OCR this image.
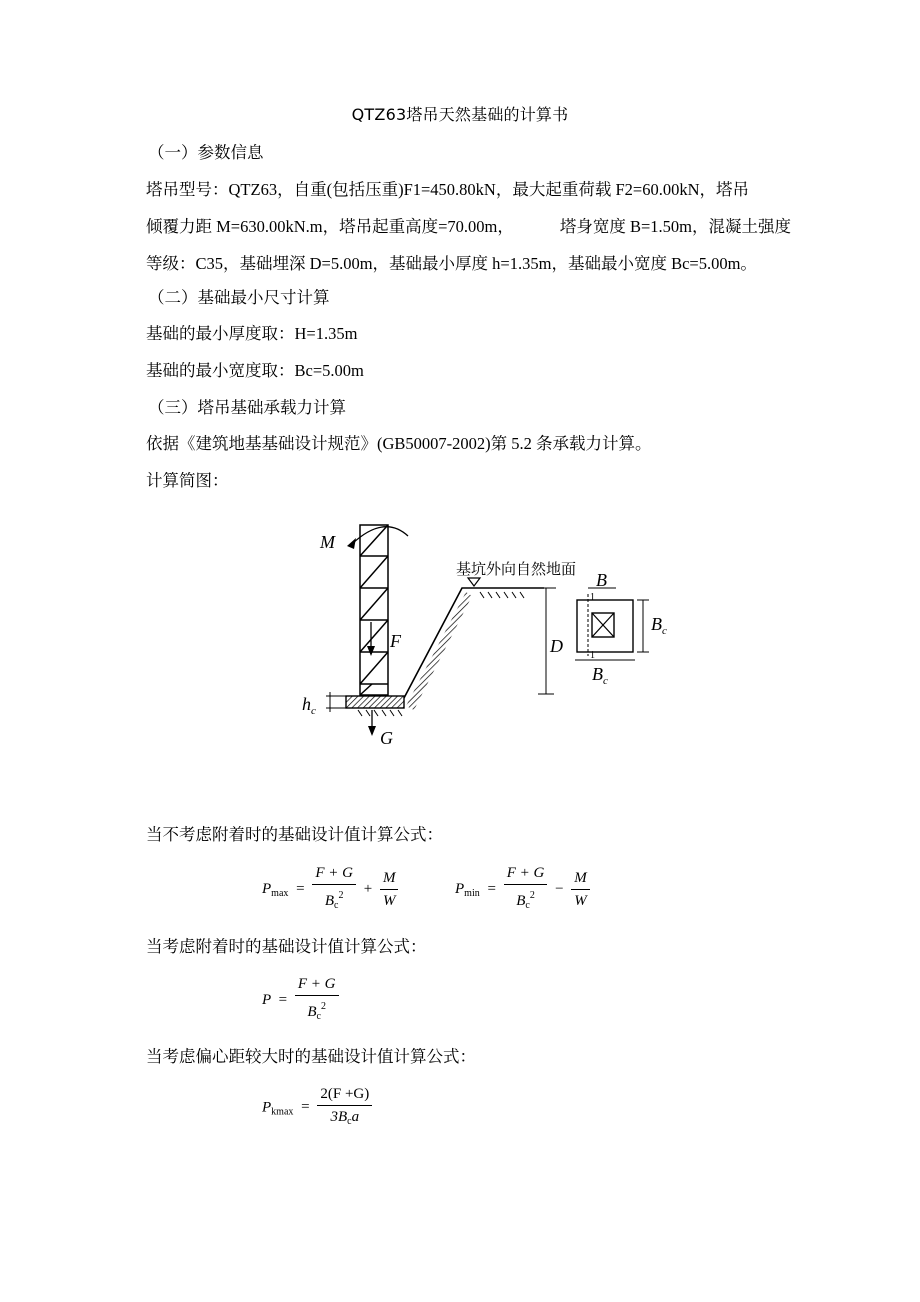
QTZ63塔吊天然基础的计算书
（一）参数信息
塔吊型号：QTZ63，自重(包括压重)F1=450.80kN，最大起重荷载 F2=60.00kN，塔吊
倾覆力距 M=630.00kN.m，塔吊起重高度=70.00m，	塔身宽度 B=1.50m，混凝土强度
等级：C35，基础埋深 D=5.00m，基础最小厚度 h=1.35m，基础最小宽度 Bc=5.00m。
（二）基础最小尺寸计算
基础的最小厚度取：H=1.35m
基础的最小宽度取：Bc=5.00m
（三）塔吊基础承载力计算
依据《建筑地基基础设计规范》(GB50007-2002)第 5.2 条承载力计算。
计算简图：
M
F
$h_c$
G
基坑外向自然地面
D
1
1
B
$B_c$
$B_c$
当不考虑附着时的基础设计值计算公式：
$P_{max} = \frac{F + G}{B_c^2} + \frac{M}{W}$	$P_{min} = \frac{F + G}{B_c^2} - \frac{M}{W}$
当考虑附着时的基础设计值计算公式：
$P = \frac{F + G}{B_c^2}$
当考虑偏心距较大时的基础设计值计算公式：
$P_{kmax} = \frac{2(F +G)}{3B_ca}$
